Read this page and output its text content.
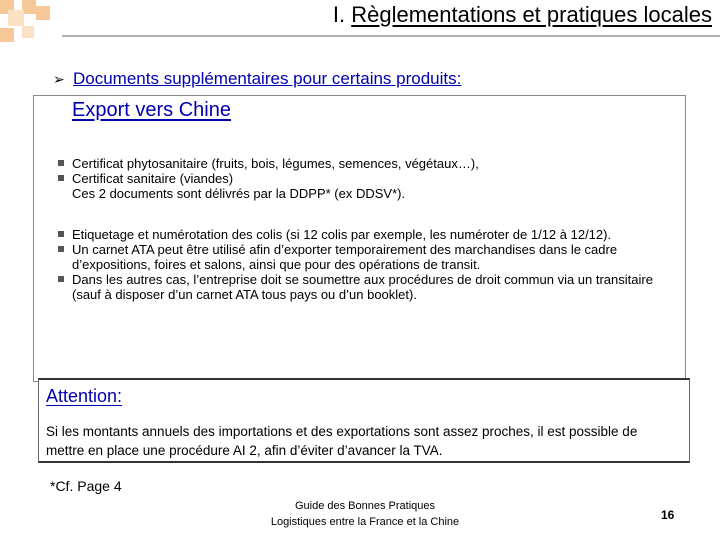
I. Règlementations et pratiques locales
➢ Documents supplémentaires pour certains produits:
Export vers Chine
Certificat phytosanitaire (fruits, bois, légumes, semences, végétaux…),
Certificat sanitaire (viandes)
Ces 2 documents sont délivrés par la DDPP* (ex DDSV*).
Etiquetage et numérotation des colis (si 12 colis par exemple, les numéroter de 1/12 à 12/12).
Un carnet ATA peut être utilisé afin d’exporter temporairement des marchandises dans le cadre d’expositions, foires et salons, ainsi que pour des opérations de transit.
Dans les autres cas, l’entreprise doit se soumettre aux procédures de droit commun via un transitaire (sauf à disposer d’un carnet ATA tous pays ou d’un booklet).
Attention:
Si les montants annuels des importations et des exportations sont assez proches, il est possible de mettre en place une procédure AI 2, afin d’éviter d’avancer la TVA.
*Cf. Page 4
Guide des Bonnes Pratiques
Logistiques entre la France et la Chine	16
